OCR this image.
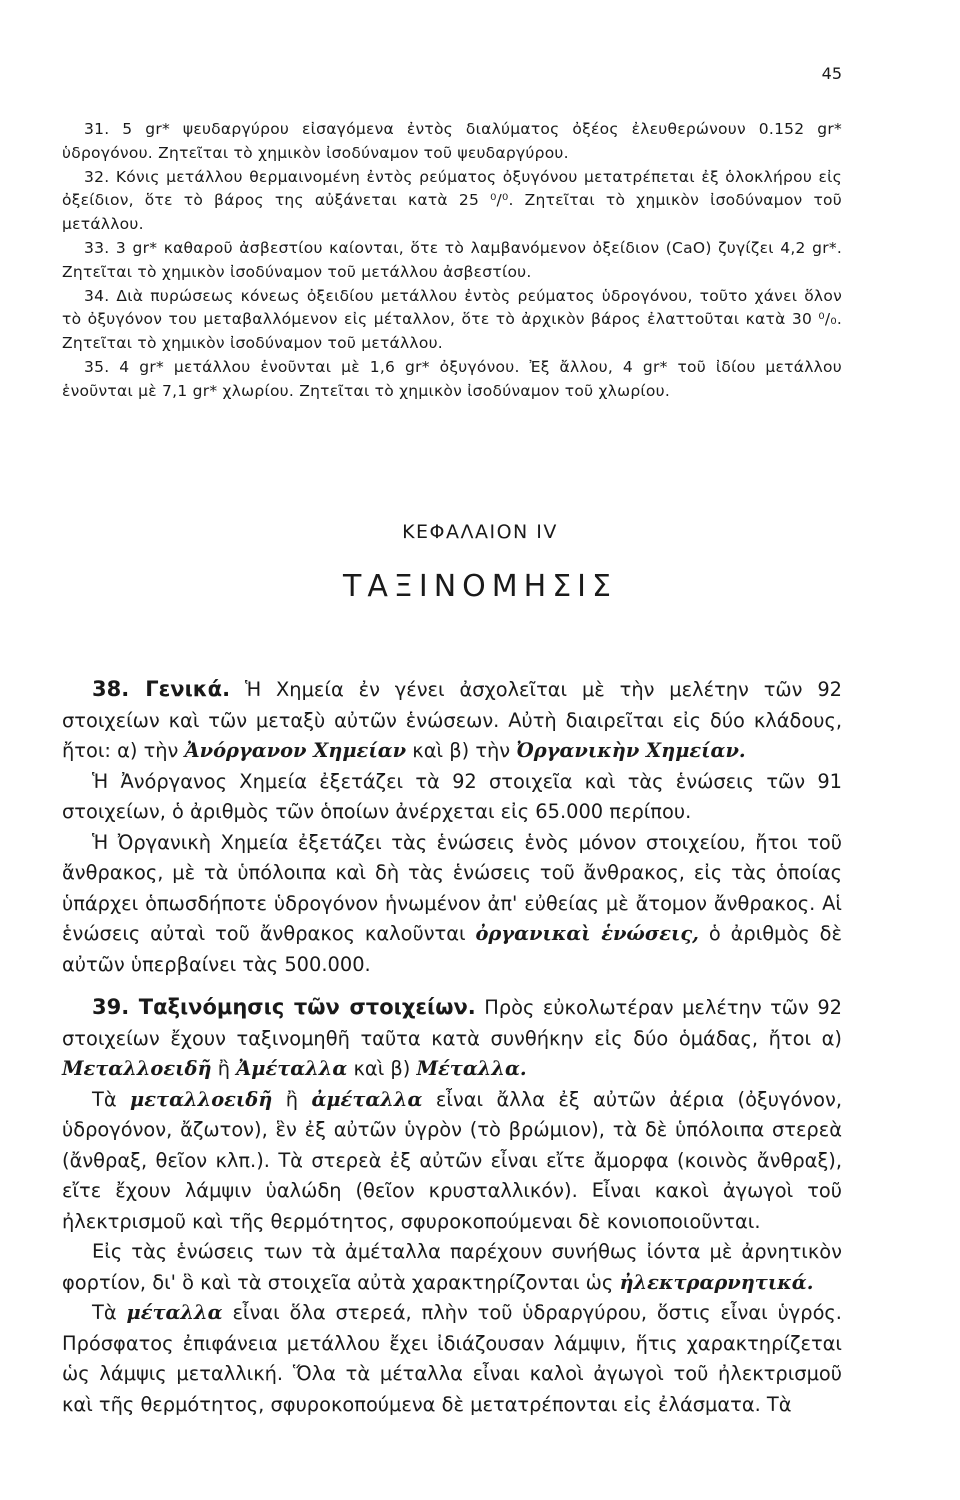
45

31. 5 gr* ψευδαργύρου εἰσαγόμενα ἐντὸς διαλύματος ὀξέος ἐλευθερώνουν 0.152 gr* ὑδρογόνου. Ζητεῖται τὸ χημικὸν ἰσοδύναμον τοῦ ψευδαργύρου.

32. Κόνις μετάλλου θερμαινομένη ἐντὸς ρεύματος ὀξυγόνου μετατρέπεται ἐξ ὁλοκλήρου εἰς ὀξείδιον, ὅτε τὸ βάρος της αὐξάνεται κατὰ 25 ⁰/⁰. Ζητεῖται τὸ χημικὸν ἰσοδύναμον τοῦ μετάλλου.

33. 3 gr* καθαροῦ ἀσβεστίου καίονται, ὅτε τὸ λαμβανόμενον ὀξείδιον (CaO) ζυγίζει 4,2 gr*. Ζητεῖται τὸ χημικὸν ἰσοδύναμον τοῦ μετάλλου ἀσβεστίου.

34. Διὰ πυρώσεως κόνεως ὀξειδίου μετάλλου ἐντὸς ρεύματος ὑδρογόνου, τοῦτο χάνει ὅλον τὸ ὀξυγόνον του μεταβαλλόμενον εἰς μέταλλον, ὅτε τὸ ἀρχικὸν βάρος ἐλαττοῦται κατὰ 30 ⁰/₀. Ζητεῖται τὸ χημικὸν ἰσοδύναμον τοῦ μετάλλου.

35. 4 gr* μετάλλου ἑνοῦνται μὲ 1,6 gr* ὀξυγόνου. Ἐξ ἄλλου, 4 gr* τοῦ ἰδίου μετάλλου ἑνοῦνται μὲ 7,1 gr* χλωρίου. Ζητεῖται τὸ χημικὸν ἰσοδύναμον τοῦ χλωρίου.

ΚΕΦΑΛΑΙΟΝ IV
ΤΑΞΙΝΟΜΗΣΙΣ

38. Γενικά. Ἡ Χημεία ἐν γένει ἀσχολεῖται μὲ τὴν μελέτην τῶν 92 στοιχείων καὶ τῶν μεταξὺ αὐτῶν ἑνώσεων. Αὐτὴ διαιρεῖται εἰς δύο κλάδους, ἤτοι: α) τὴν Ἀνόργανον Χημείαν καὶ β) τὴν Ὀργανικὴν Χημείαν.

Ἡ Ἀνόργανος Χημεία ἐξετάζει τὰ 92 στοιχεῖα καὶ τὰς ἑνώσεις τῶν 91 στοιχείων, ὁ ἀριθμὸς τῶν ὁποίων ἀνέρχεται εἰς 65.000 περίπου.

Ἡ Ὀργανικὴ Χημεία ἐξετάζει τὰς ἑνώσεις ἑνὸς μόνον στοιχείου, ἤτοι τοῦ ἄνθρακος, μὲ τὰ ὑπόλοιπα καὶ δὴ τὰς ἑνώσεις τοῦ ἄνθρακος, εἰς τὰς ὁποίας ὑπάρχει ὁπωσδήποτε ὑδρογόνον ἡνωμένον ἀπ' εὐθείας μὲ ἄτομον ἄνθρακος. Αἱ ἑνώσεις αὐταὶ τοῦ ἄνθρακος καλοῦνται ὀργανικαὶ ἑνώσεις, ὁ ἀριθμὸς δὲ αὐτῶν ὑπερβαίνει τὰς 500.000.

39. Ταξινόμησις τῶν στοιχείων. Πρὸς εὐκολωτέραν μελέτην τῶν 92 στοιχείων ἔχουν ταξινομηθῆ ταῦτα κατὰ συνθήκην εἰς δύο ὁμάδας, ἤτοι α) Μεταλλοειδῆ ἢ Ἀμέταλλα καὶ β) Μέταλλα.

Τὰ μεταλλοειδῆ ἢ ἀμέταλλα εἶναι ἄλλα ἐξ αὐτῶν ἀέρια (ὀξυγόνον, ὑδρογόνον, ἄζωτον), ἓν ἐξ αὐτῶν ὑγρὸν (τὸ βρώμιον), τὰ δὲ ὑπόλοιπα στερεὰ (ἄνθραξ, θεῖον κλπ.). Τὰ στερεὰ ἐξ αὐτῶν εἶναι εἴτε ἄμορφα (κοινὸς ἄνθραξ), εἴτε ἔχουν λάμψιν ὑαλώδη (θεῖον κρυσταλλικόν). Εἶναι κακοὶ ἀγωγοὶ τοῦ ἠλεκτρισμοῦ καὶ τῆς θερμότητος, σφυροκοπούμεναι δὲ κονιοποιοῦνται.

Εἰς τὰς ἑνώσεις των τὰ ἀμέταλλα παρέχουν συνήθως ἰόντα μὲ ἀρνητικὸν φορτίον, δι' ὃ καὶ τὰ στοιχεῖα αὐτὰ χαρακτηρίζονται ὡς ἠλεκτραρνητικά.

Τὰ μέταλλα εἶναι ὅλα στερεά, πλὴν τοῦ ὑδραργύρου, ὅστις εἶναι ὑγρός. Πρόσφατος ἐπιφάνεια μετάλλου ἔχει ἰδιάζουσαν λάμψιν, ἥτις χαρακτηρίζεται ὡς λάμψις μεταλλική. Ὅλα τὰ μέταλλα εἶναι καλοὶ ἀγωγοὶ τοῦ ἠλεκτρισμοῦ καὶ τῆς θερμότητος, σφυροκοπούμενα δὲ μετατρέπονται εἰς ἐλάσματα. Τὰ
